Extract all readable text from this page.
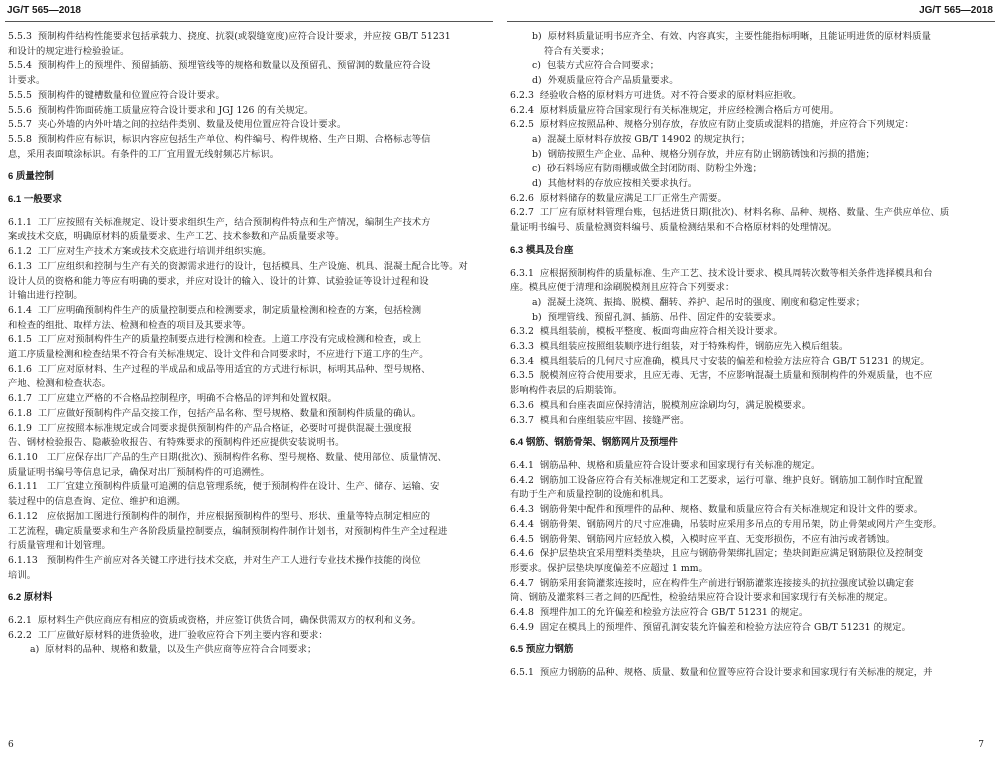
JG/T 565—2018	JG/T 565—2018
5.5.3  预制构件结构性能要求包括承载力、挠度、抗裂(或裂缝宽度)应符合设计要求，并应按 GB/T 51231
和设计的规定进行检验验证。
5.5.4  预制构件上的预埋件、预留插筋、预埋管线等的规格和数量以及预留孔、预留洞的数量应符合设
计要求。
5.5.5  预制构件的键槽数量和位置应符合设计要求。
5.5.6  预制构件饰面砖施工质量应符合设计要求和 JGJ 126 的有关规定。
5.5.7  夹心外墙的内外叶墙之间的拉结件类别、数量及使用位置应符合设计要求。
5.5.8  预制构件应有标识，标识内容应包括生产单位、构件编号、构件规格、生产日期、合格标志等信
息，采用表面喷涂标识。有条件的工厂宜用置无线射频芯片标识。
6 质量控制
6.1 一般要求
6.1.1  工厂应按照有关标准规定、设计要求组织生产，结合预制构件特点和生产情况，编制生产技术方
案或技术交底，明确原材料的质量要求、生产工艺、技术参数和产品质量要求等。
6.1.2  工厂应对生产技术方案或技术交底进行培训并组织实施。
6.1.3  工厂应组织和控制与生产有关的资源需求进行的设计，包括模具、生产设施、机具、混凝土配合比等。对
设计人员的资格和能力等应有明确的要求，并应对设计的输入、设计的计算、试验验证等设计过程和设
计输出进行控制。
6.1.4  工厂应明确预制构件生产的质量控制要点和检测要求，制定质量检测和检查的方案，包括检测
和检查的组批、取样方法、检测和检查的项目及其要求等。
6.1.5  工厂应对预制构件生产的质量控制要点进行检测和检查。上道工序没有完成检测和检查，或上
道工序质量检测和检查结果不符合有关标准规定、设计文件和合同要求时，不应进行下道工序的生产。
6.1.6  工厂应对原材料、生产过程的半成品和成品等用适宜的方式进行标识，标明其品种、型号规格、
产地、检测和检查状态。
6.1.7  工厂应建立严格的不合格品控制程序，明确不合格品的评判和处置权限。
6.1.8  工厂应做好预制构件产品交接工作，包括产品名称、型号规格、数量和预制构件质量的确认。
6.1.9  工厂应按照本标准规定或合同要求提供预制构件的产品合格证，必要时可提供混凝土强度报
告、钢材检验报告、隐蔽验收报告、有特殊要求的预制构件还应提供安装说明书。
6.1.10   工厂应保存出厂产品的生产日期(批次)、预制构件名称、型号规格、数量、使用部位、质量情况、
质量证明书编号等信息记录，确保对出厂预制构件的可追溯性。
6.1.11   工厂宜建立预制构件质量可追溯的信息管理系统，便于预制构件在设计、生产、储存、运输、安
装过程中的信息查询、定位、维护和追溯。
6.1.12   应依据加工图进行预制构件的制作，并应根据预制构件的型号、形状、重量等特点制定相应的
工艺流程，确定质量要求和生产各阶段质量控制要点，编制预制构件制作计划书，对预制构件生产全过程进
行质量管理和计划管理。
6.1.13   预制构件生产前应对各关键工序进行技术交底，并对生产工人进行专业技术操作技能的岗位
培训。
6.2 原材料
6.2.1  原材料生产供应商应有相应的资质或资格，并应签订供货合同，确保供需双方的权利和义务。
6.2.2  工厂应做好原材料的进货验收，进厂验收应符合下列主要内容和要求：
a)  原材料的品种、规格和数量，以及生产供应商等应符合合同要求；
b)  原材料质量证明书应齐全、有效、内容真实，主要性能指标明晰，且能证明进货的原材料质量
符合有关要求；
c)  包装方式应符合合同要求；
d)  外观质量应符合产品质量要求。
6.2.3  经验收合格的原材料方可进货。对不符合要求的原材料应拒收。
6.2.4  原材料质量应符合国家现行有关标准规定，并应经检测合格后方可使用。
6.2.5  原材料应按照品种、规格分别存放，存放应有防止变质或混料的措施，并应符合下列规定：
a)  混凝土原材料存放按 GB/T 14902 的规定执行；
b)  钢筋按照生产企业、品种、规格分别存放，并应有防止钢筋锈蚀和污损的措施；
c)  砂石料场应有防雨棚或做全封闭防雨、防粉尘外逸；
d)  其他材料的存放应按相关要求执行。
6.2.6  原材料储存的数量应满足工厂正常生产需要。
6.2.7  工厂应有原材料管理台账，包括进货日期(批次)、材料名称、品种、规格、数量、生产供应单位、质
量证明书编号、质量检测资料编号、质量检测结果和不合格原材料的处理情况。
6.3 模具及台座
6.3.1  应根据预制构件的质量标准、生产工艺、技术设计要求、模具周转次数等相关条件选择模具和台
座。模具应便于清理和涂刷脱模剂且应符合下列要求：
a)  混凝土浇筑、振捣、脱模、翻转、养护、起吊时的强度、刚度和稳定性要求；
b)  预埋管线、预留孔洞、插筋、吊件、固定件的安装要求。
6.3.2  模具组装前，模板平整度、板面弯曲应符合相关设计要求。
6.3.3  模具组装应按照组装顺序进行组装，对于特殊构件，钢筋应先入模后组装。
6.3.4  模具组装后的几何尺寸应准确，模具尺寸安装的偏差和检验方法应符合 GB/T 51231 的规定。
6.3.5  脱模剂应符合使用要求，且应无毒、无害，不应影响混凝土质量和预制构件的外观质量，也不应
影响构件表层的后期装饰。
6.3.6  模具和台座表面应保持清洁，脱模剂应涂刷均匀，满足脱模要求。
6.3.7  模具和台座组装应牢固、接缝严密。
6.4 钢筋、钢筋骨架、钢筋网片及预埋件
6.4.1  钢筋品种、规格和质量应符合设计要求和国家现行有关标准的规定。
6.4.2  钢筋加工设备应符合有关标准规定和工艺要求，运行可靠、维护良好。钢筋加工制作时宜配置
有助于生产和质量控制的设施和机具。
6.4.3  钢筋骨架中配件和预埋件的品种、规格、数量和质量应符合有关标准规定和设计文件的要求。
6.4.4  钢筋骨架、钢筋网片的尺寸应准确，吊装时应采用多吊点的专用吊架，防止骨架或网片产生变形。
6.4.5  钢筋骨架、钢筋网片应轻放入模，入模时应平直、无变形损伤，不应有油污或者锈蚀。
6.4.6  保护层垫块宜采用塑料类垫块，且应与钢筋骨架绑扎固定；垫块间距应满足钢筋限位及控制变
形要求。保护层垫块厚度偏差不应超过 1 mm。
6.4.7  钢筋采用套筒灌浆连接时，应在构件生产前进行钢筋灌浆连接接头的抗拉强度试验以确定套
筒、钢筋及灌浆料三者之间的匹配性，检验结果应符合设计要求和国家现行有关标准的规定。
6.4.8  预埋件加工的允许偏差和检验方法应符合 GB/T 51231 的规定。
6.4.9  固定在模具上的预埋件、预留孔洞安装允许偏差和检验方法应符合 GB/T 51231 的规定。
6.5 预应力钢筋
6.5.1  预应力钢筋的品种、规格、质量、数量和位置等应符合设计要求和国家现行有关标准的规定，并
6	7
